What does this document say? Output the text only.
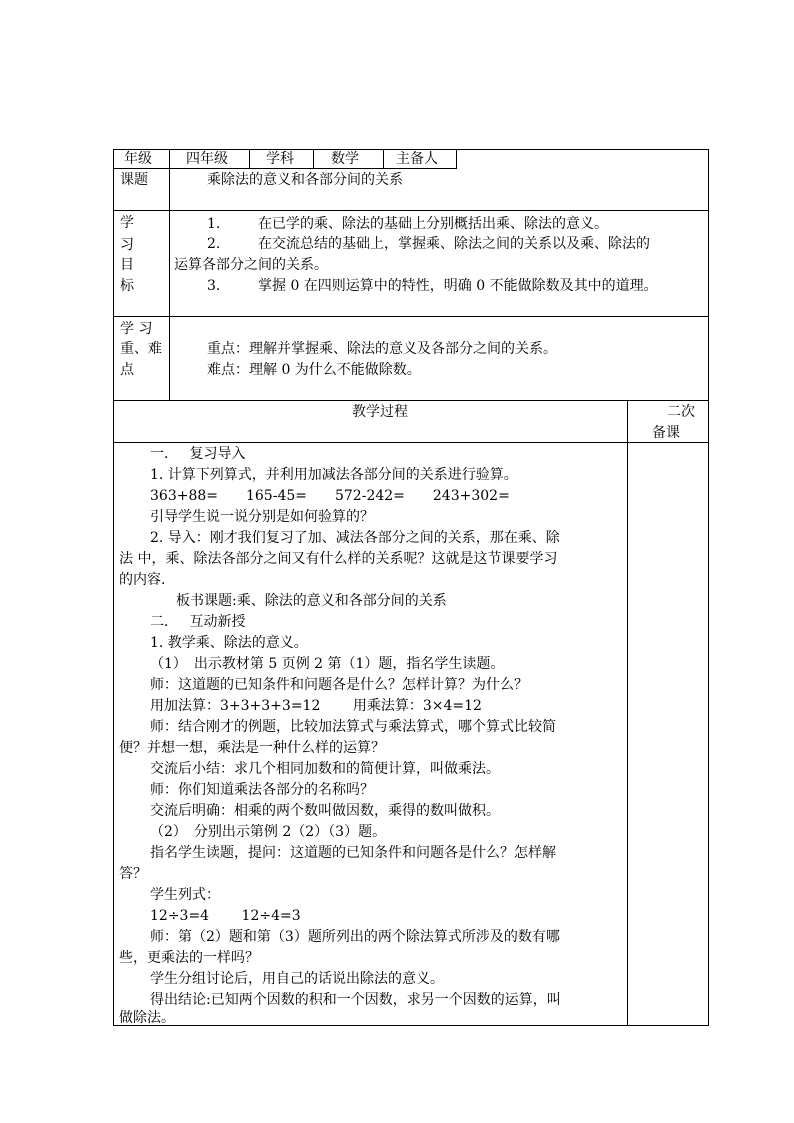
年级 四年级	学科	数学	主备人
课题	乘除法的意义和各部分间的关系
学
习
目
标
1.	在已学的乘、除法的基础上分别概括出乘、除法的意义。
2.	在交流总结的基础上，掌握乘、除法之间的关系以及乘、除法的
运算各部分之间的关系。
3.	掌握 0 在四则运算中的特性，明确 0 不能做除数及其中的道理。
学 习
重、难
点
重点：理解并掌握乘、除法的意义及各部分之间的关系。
难点：理解 0 为什么不能做除数。
教学过程	二次
备课
一．　 复习导入
1. 计算下列算式，并利用加减法各部分间的关系进行验算。
363+88=　　165-45=　　572-242=　　243+302=
引导学生说一说分别是如何验算的？
2. 导入：刚才我们复习了加、减法各部分之间的关系，那在乘、除
法 中，乘、除法各部分之间又有什么样的关系呢？这就是这节课要学习
的内容.
板书课题:乘、除法的意义和各部分间的关系
二．　 互动新授
1. 教学乘、除法的意义。
（1）　出示教材第 5 页例 2 第（1）题，指名学生读题。
师：这道题的已知条件和问题各是什么？怎样计算？为什么？
用加法算：3+3+3+3=12　　 用乘法算：3×4=12
师：结合刚才的例题，比较加法算式与乘法算式，哪个算式比较简
便？并想一想，乘法是一种什么样的运算？
交流后小结：求几个相同加数和的简便计算，叫做乘法。
师：你们知道乘法各部分的名称吗？
交流后明确：相乘的两个数叫做因数，乘得的数叫做积。
（2）　分别出示第例 2（2）（3）题。
指名学生读题，提问：这道题的已知条件和问题各是什么？怎样解
答？
学生列式：
12÷3=4　　 12÷4=3
师：第（2）题和第（3）题所列出的两个除法算式所涉及的数有哪
些，更乘法的一样吗？
学生分组讨论后，用自己的话说出除法的意义。
得出结论:已知两个因数的积和一个因数，求另一个因数的运算，叫
做除法。
